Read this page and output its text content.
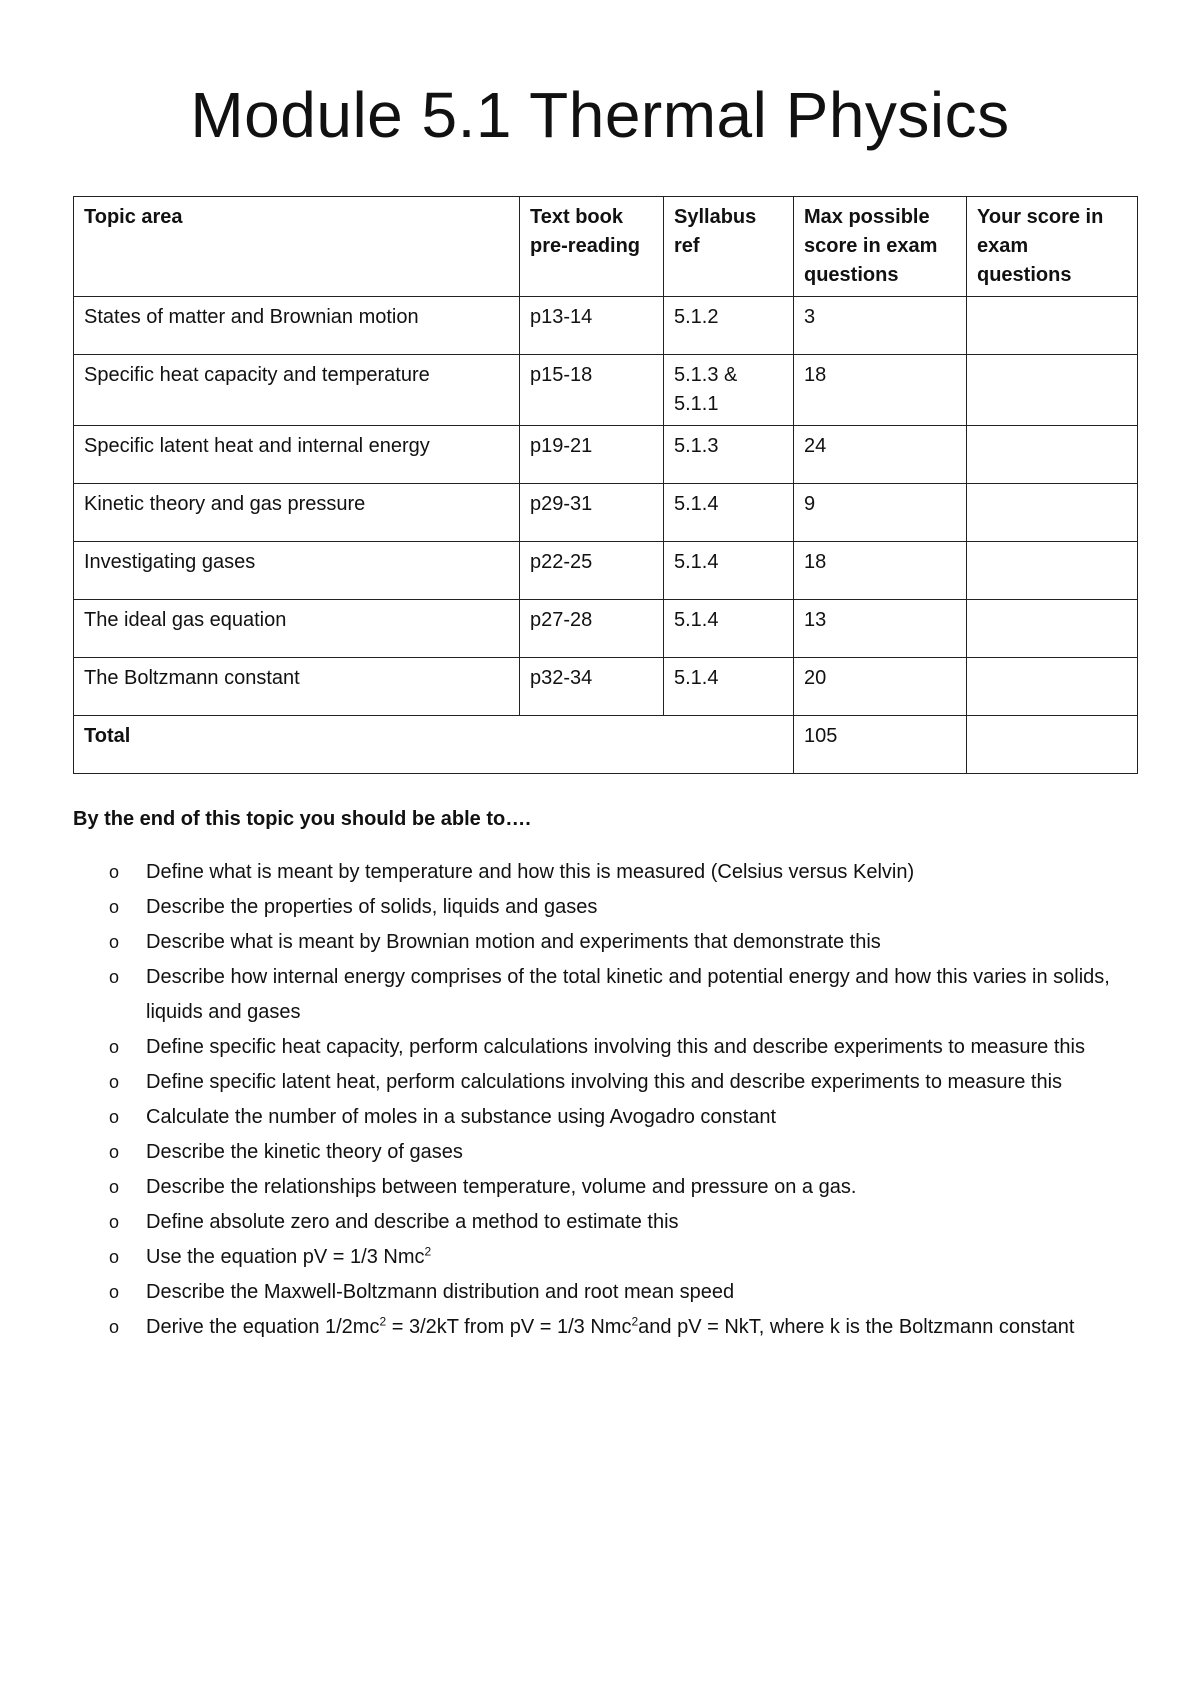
Module 5.1 Thermal Physics
Topic area	Text book pre-reading	Syllabus ref	Max possible score in exam questions	Your score in exam questions
States of matter and Brownian motion	p13-14	5.1.2	3	
Specific heat capacity and temperature	p15-18	5.1.3 & 5.1.1	18	
Specific latent heat and internal energy	p19-21	5.1.3	24	
Kinetic theory and gas pressure	p29-31	5.1.4	9	
Investigating gases	p22-25	5.1.4	18	
The ideal gas equation	p27-28	5.1.4	13	
The Boltzmann constant	p32-34	5.1.4	20	
Total			105	

By the end of this topic you should be able to….

o Define what is meant by temperature and how this is measured (Celsius versus Kelvin)
o Describe the properties of solids, liquids and gases
o Describe what is meant by Brownian motion and experiments that demonstrate this
o Describe how internal energy comprises of the total kinetic and potential energy and how this varies in solids, liquids and gases
o Define specific heat capacity, perform calculations involving this and describe experiments to measure this
o Define specific latent heat, perform calculations involving this and describe experiments to measure this
o Calculate the number of moles in a substance using Avogadro constant
o Describe the kinetic theory of gases
o Describe the relationships between temperature, volume and pressure on a gas.
o Define absolute zero and describe a method to estimate this
o Use the equation pV = 1/3 Nmc$^2$
o Describe the Maxwell-Boltzmann distribution and root mean speed
o Derive the equation $1/2mc^2 = 3/2kT$ from pV = 1/3 Nmc$^2$and pV = NkT, where k is the Boltzmann constant
